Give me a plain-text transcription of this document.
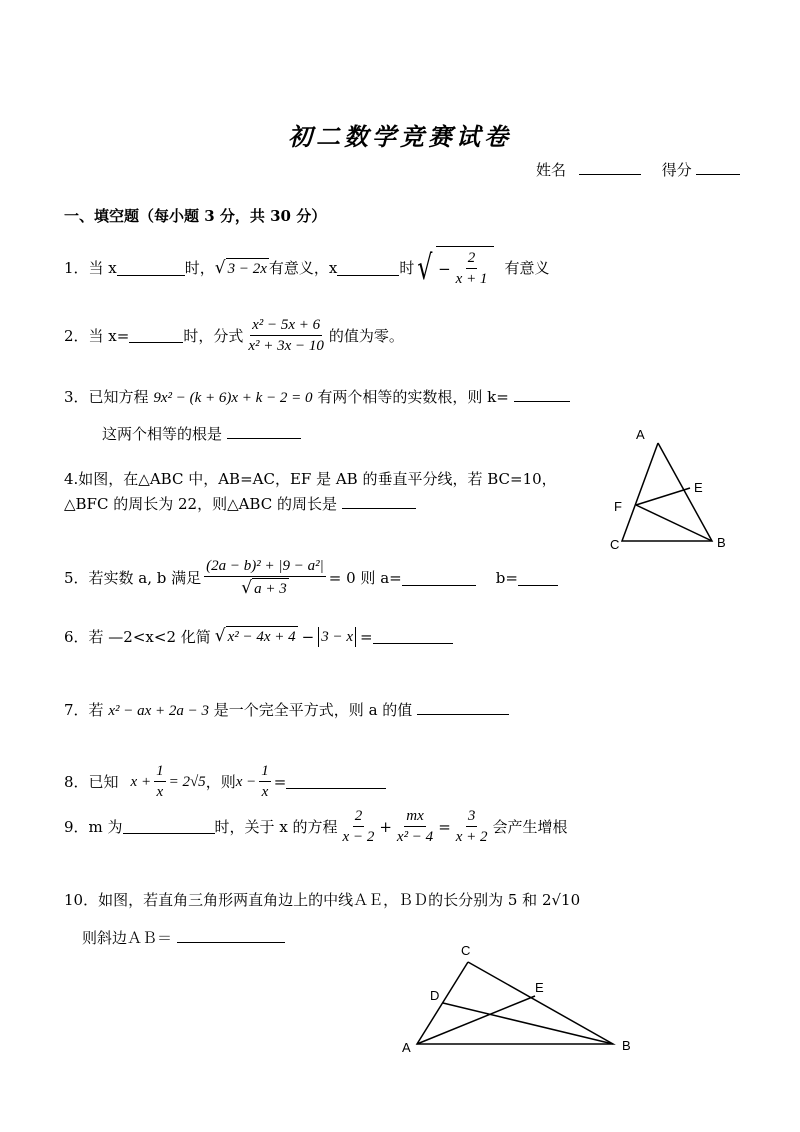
初二数学竞赛试卷
姓名	得分
一、填空题（每小题 3 分，共 30 分）
1．当 x	时， √ 3 − 2x 有意义，x	时 √ − $\frac{2}{x + 1}$ 有意义
2．当 x=	时，分式 $\frac{\text{x² − 5x + 6}}{\text{x² + 3x − 10}}$ 的值为零。
3．已知方程 9x² − (k + 6)x + k − 2 = 0 有两个相等的实数根，则 k=
这两个相等的根是	A
E
F
C	B
4.如图，在△ABC 中，AB=AC，EF 是 AB 的垂直平分线，若 BC=10，
△BFC 的周长为 22，则△ABC 的周长是
5．若实数 a, b 满足 $\frac{\text{(2a − b)² + |9 − a²|}}{√ a + 3} = 0$ 则 a=	b=
6．若 —2<x<2 化简 √ x² − 4x + 4 − 3 − x =
7．若 x² − ax + 2a − 3 是一个完全平方式，则 a 的值
8．已知 $x + \frac{1}{x} = 2√5$ ，则 $x - \frac{1}{x}$ =
9．m 为	时，关于 x 的方程 $\frac{2}{x - 2} + \frac{mx}{\text{x² − 4}} = \frac{3}{x + 2}$ 会产生增根
10．如图，若直角三角形两直角边上的中线ＡＥ，ＢＤ的长分别为 5 和 2√10
则斜边ＡＢ＝
C
D
E
A	B
